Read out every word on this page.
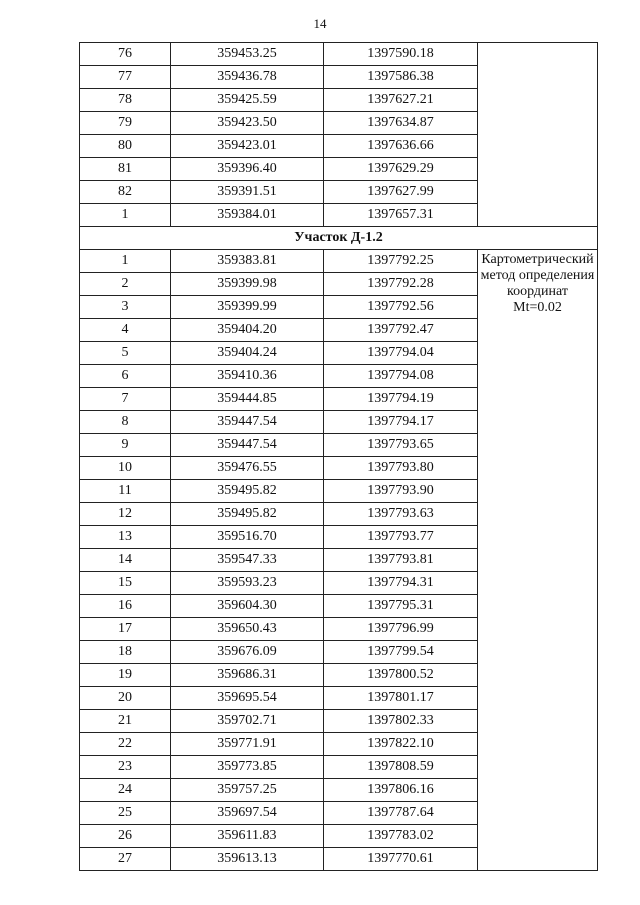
14
76	359453.25	1397590.18	
77	359436.78	1397586.38	
78	359425.59	1397627.21	
79	359423.50	1397634.87	
80	359423.01	1397636.66	
81	359396.40	1397629.29	
82	359391.51	1397627.99	
1	359384.01	1397657.31	
Участок Д-1.2			
1	359383.81	1397792.25	Картометрический
метод определения
координат
Mt=0.02

2	359399.98	1397792.28	
3	359399.99	1397792.56	
4	359404.20	1397792.47	
5	359404.24	1397794.04	
6	359410.36	1397794.08	
7	359444.85	1397794.19	
8	359447.54	1397794.17	
9	359447.54	1397793.65	
10	359476.55	1397793.80	
11	359495.82	1397793.90	
12	359495.82	1397793.63	
13	359516.70	1397793.77	
14	359547.33	1397793.81	
15	359593.23	1397794.31	
16	359604.30	1397795.31	
17	359650.43	1397796.99	
18	359676.09	1397799.54	
19	359686.31	1397800.52	
20	359695.54	1397801.17	
21	359702.71	1397802.33	
22	359771.91	1397822.10	
23	359773.85	1397808.59	
24	359757.25	1397806.16	
25	359697.54	1397787.64	
26	359611.83	1397783.02	
27	359613.13	1397770.61	
